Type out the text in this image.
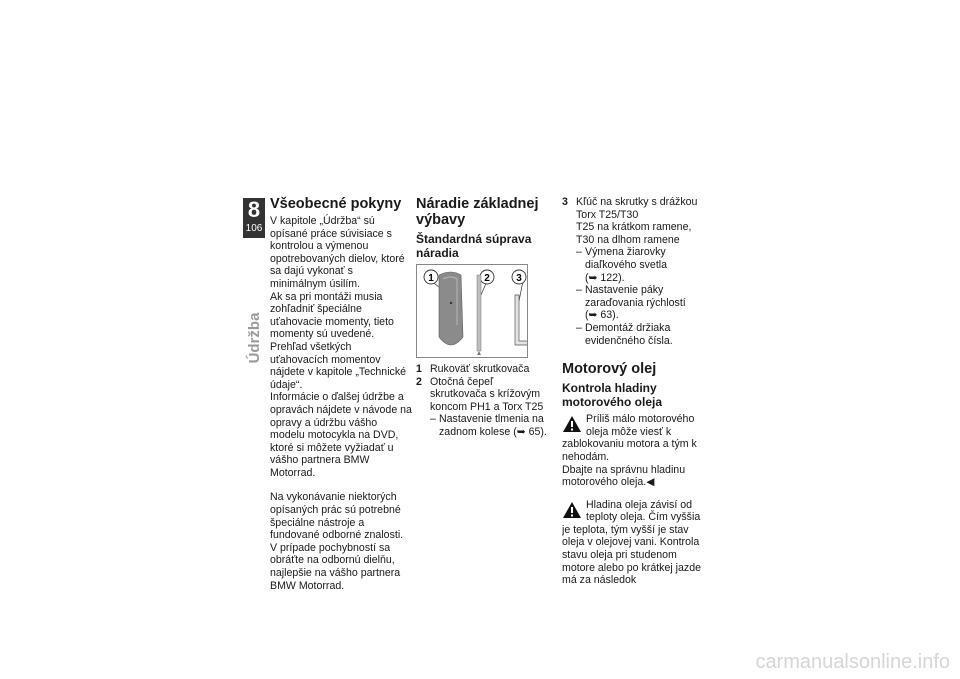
8
106
Údržba
Všeobecné pokyny

V kapitole „Údržba“ sú opísané práce súvisiace s kontrolou a výmenou opotrebovaných dielov, ktoré sa dajú vykonať s minimálnym úsilím.

Ak sa pri montáži musia zohľadniť špeciálne uťahovacie momenty, tieto momenty sú uvedené. Prehľad všetkých uťahovacích momentov nájdete v kapitole „Technické údaje“.

Informácie o ďalšej údržbe a opravách nájdete v návode na opravy a údržbu vášho modelu motocykla na DVD, ktoré si môžete vyžiadať u vášho partnera BMW Motorrad.

Na vykonávanie niektorých opísaných prác sú potrebné špeciálne nástroje a fundované odborné znalosti. V prípade pochybností sa obráťte na odbornú dielňu, najlepšie na vášho partnera BMW Motorrad.

Náradie základnej výbavy
Štandardná súprava náradia
1	2	3
1 Rukoväť skrutkovača
2 Otočná čepeľ skrutkovača s krížovým koncom PH1 a Torx T25
– Nastavenie tlmenia na zadnom kolese (➥ 65).
3 Kľúč na skrutky s drážkou Torx T25/T30

T25 na krátkom ramene, T30 na dlhom ramene

– Výmena žiarovky diaľkového svetla (➥ 122).
– Nastavenie páky zaraďovania rýchlostí (➥ 63).
– Demontáž držiaka evidenčného čísla.
Motorový olej
Kontrola hladiny motorového oleja

Príliš málo motorového oleja môže viesť k zablokovaniu motora a tým k nehodám.

Dbajte na správnu hladinu motorového oleja.◀

Hladina oleja závisí od teploty oleja. Čím vyššia je teplota, tým vyšší je stav oleja v olejovej vani. Kontrola stavu oleja pri studenom motore alebo po krátkej jazde má za následok

carmanualsonline.info
